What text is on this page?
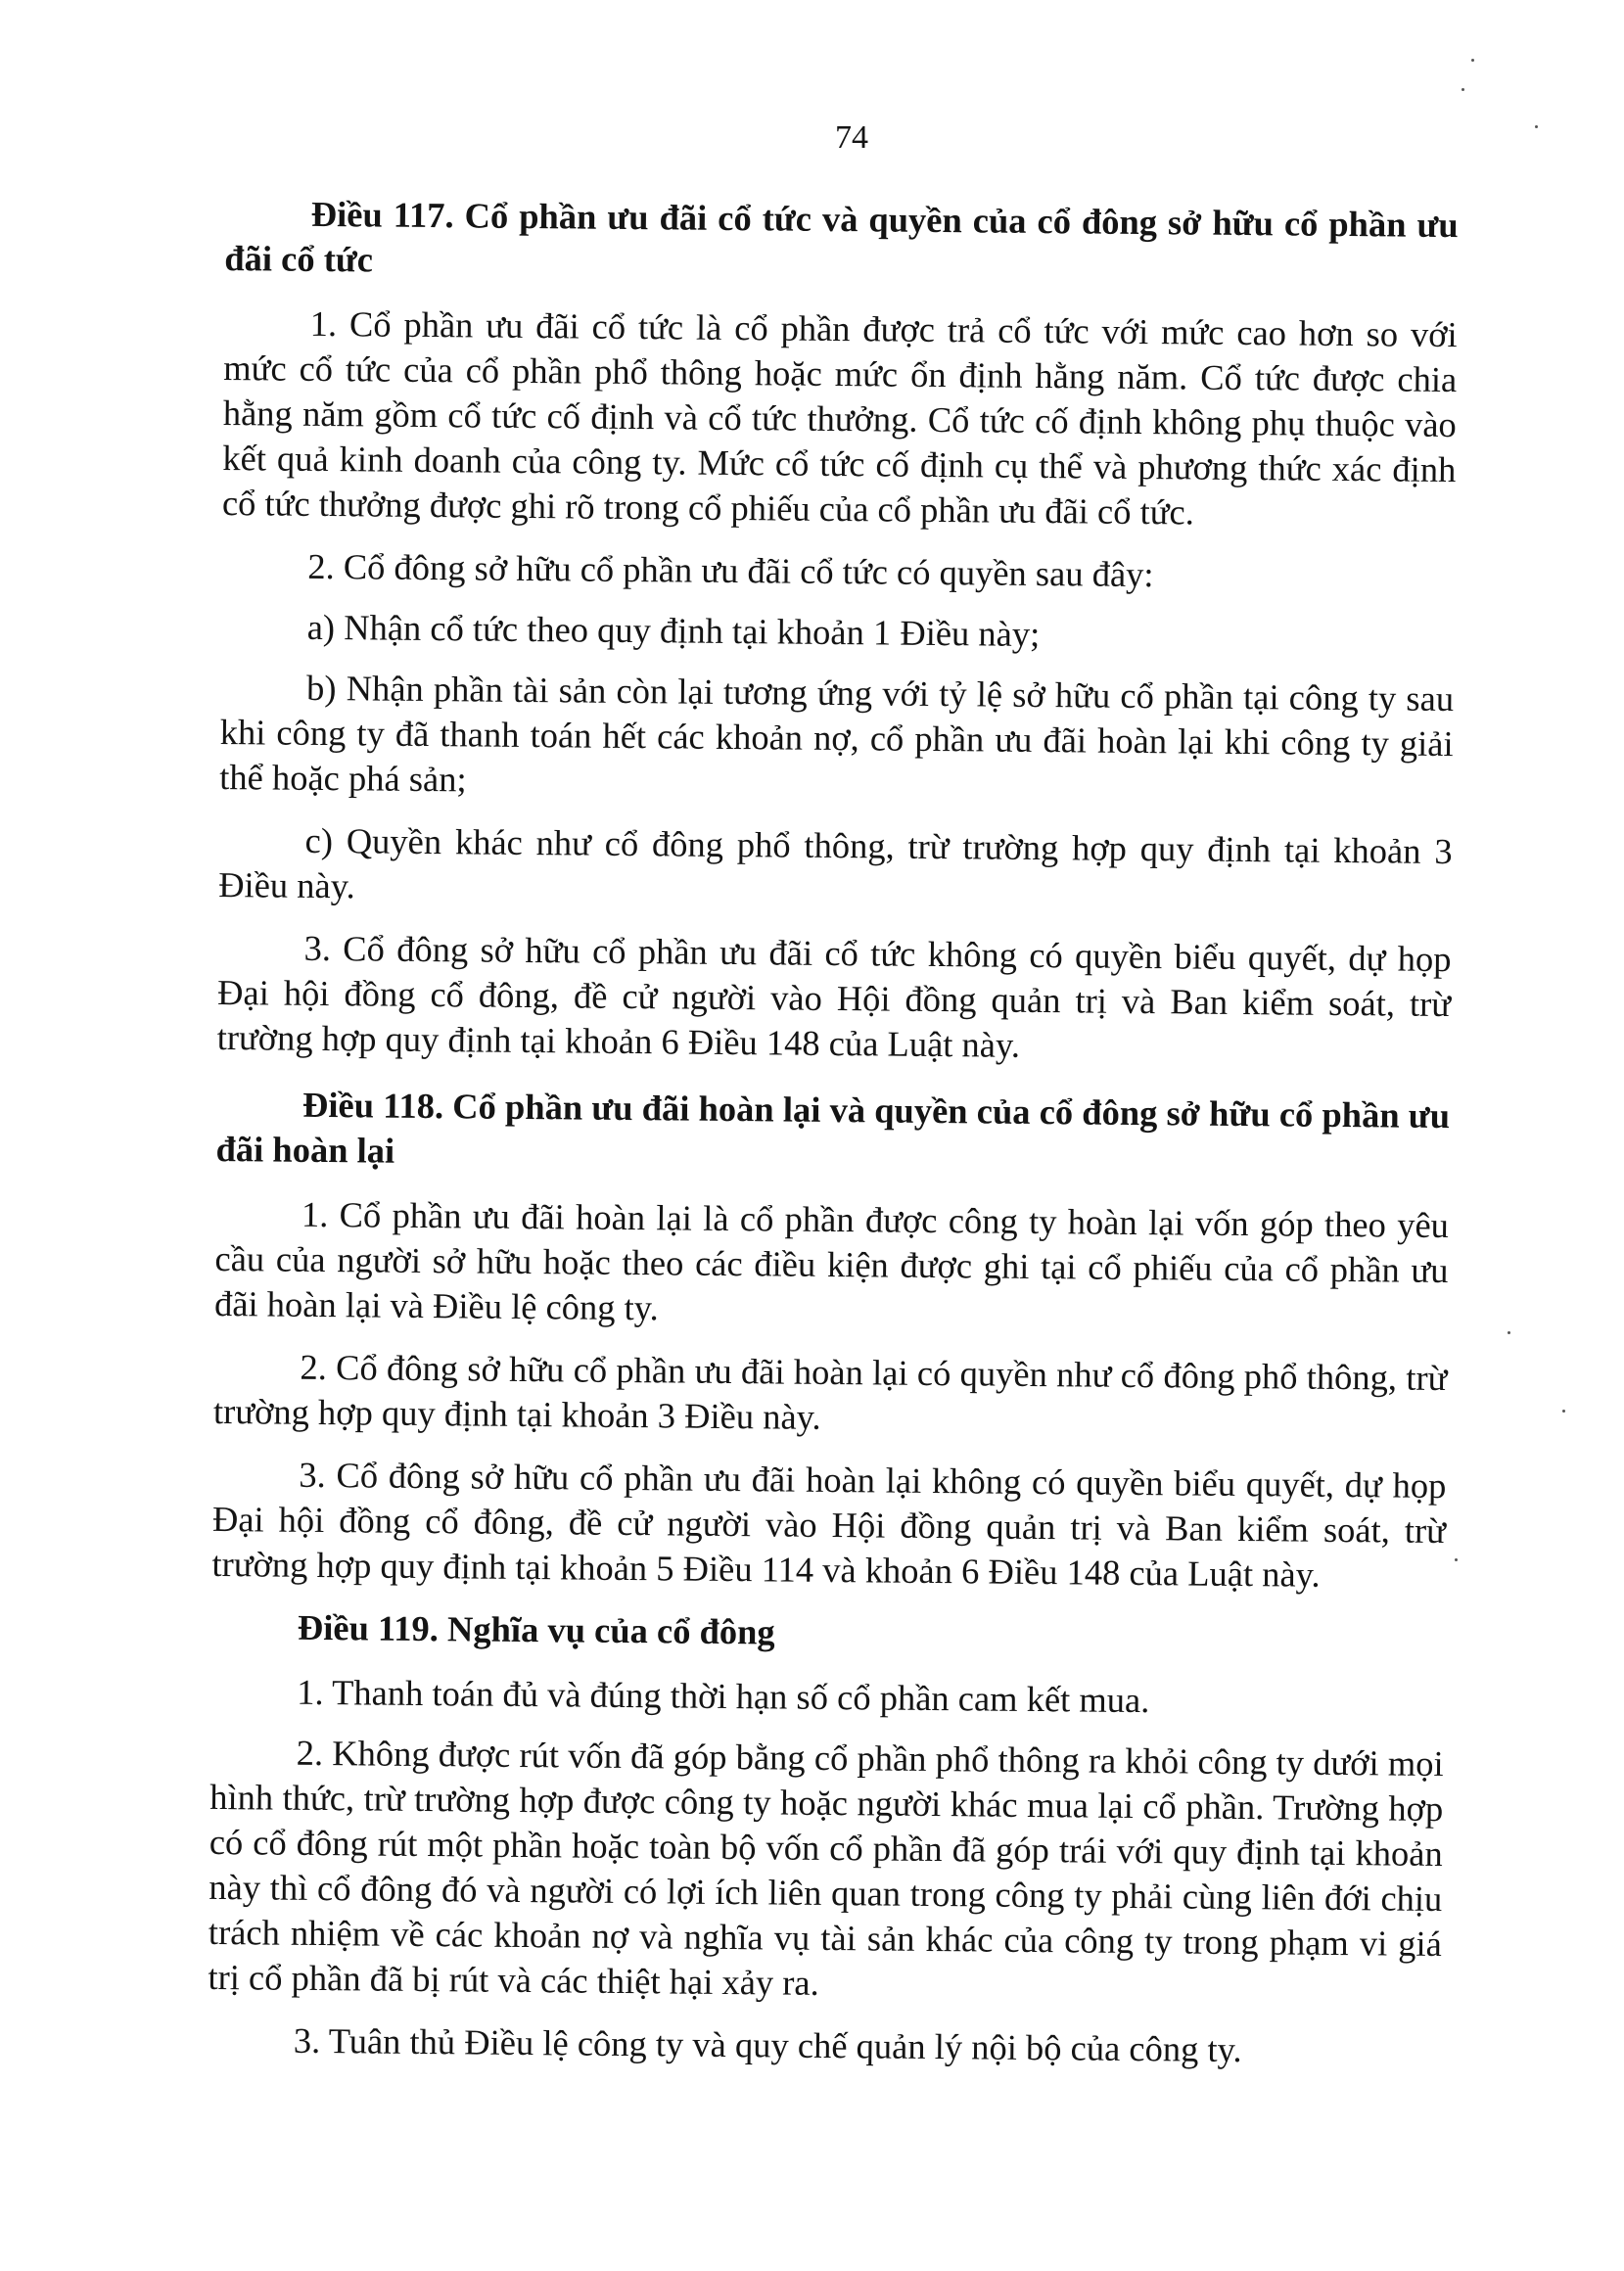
74

Điều 117. Cổ phần ưu đãi cổ tức và quyền của cổ đông sở hữu cổ phần ưu đãi cổ tức

1. Cổ phần ưu đãi cổ tức là cổ phần được trả cổ tức với mức cao hơn so với mức cổ tức của cổ phần phổ thông hoặc mức ổn định hằng năm. Cổ tức được chia hằng năm gồm cổ tức cố định và cổ tức thưởng. Cổ tức cố định không phụ thuộc vào kết quả kinh doanh của công ty. Mức cổ tức cố định cụ thể và phương thức xác định cổ tức thưởng được ghi rõ trong cổ phiếu của cổ phần ưu đãi cổ tức.

2. Cổ đông sở hữu cổ phần ưu đãi cổ tức có quyền sau đây:

a) Nhận cổ tức theo quy định tại khoản 1 Điều này;

b) Nhận phần tài sản còn lại tương ứng với tỷ lệ sở hữu cổ phần tại công ty sau khi công ty đã thanh toán hết các khoản nợ, cổ phần ưu đãi hoàn lại khi công ty giải thể hoặc phá sản;

c) Quyền khác như cổ đông phổ thông, trừ trường hợp quy định tại khoản 3 Điều này.

3. Cổ đông sở hữu cổ phần ưu đãi cổ tức không có quyền biểu quyết, dự họp Đại hội đồng cổ đông, đề cử người vào Hội đồng quản trị và Ban kiểm soát, trừ trường hợp quy định tại khoản 6 Điều 148 của Luật này.

Điều 118. Cổ phần ưu đãi hoàn lại và quyền của cổ đông sở hữu cổ phần ưu đãi hoàn lại

1. Cổ phần ưu đãi hoàn lại là cổ phần được công ty hoàn lại vốn góp theo yêu cầu của người sở hữu hoặc theo các điều kiện được ghi tại cổ phiếu của cổ phần ưu đãi hoàn lại và Điều lệ công ty.

2. Cổ đông sở hữu cổ phần ưu đãi hoàn lại có quyền như cổ đông phổ thông, trừ trường hợp quy định tại khoản 3 Điều này.

3. Cổ đông sở hữu cổ phần ưu đãi hoàn lại không có quyền biểu quyết, dự họp Đại hội đồng cổ đông, đề cử người vào Hội đồng quản trị và Ban kiểm soát, trừ trường hợp quy định tại khoản 5 Điều 114 và khoản 6 Điều 148 của Luật này.

Điều 119. Nghĩa vụ của cổ đông

1. Thanh toán đủ và đúng thời hạn số cổ phần cam kết mua.

2. Không được rút vốn đã góp bằng cổ phần phổ thông ra khỏi công ty dưới mọi hình thức, trừ trường hợp được công ty hoặc người khác mua lại cổ phần. Trường hợp có cổ đông rút một phần hoặc toàn bộ vốn cổ phần đã góp trái với quy định tại khoản này thì cổ đông đó và người có lợi ích liên quan trong công ty phải cùng liên đới chịu trách nhiệm về các khoản nợ và nghĩa vụ tài sản khác của công ty trong phạm vi giá trị cổ phần đã bị rút và các thiệt hại xảy ra.

3. Tuân thủ Điều lệ công ty và quy chế quản lý nội bộ của công ty.
